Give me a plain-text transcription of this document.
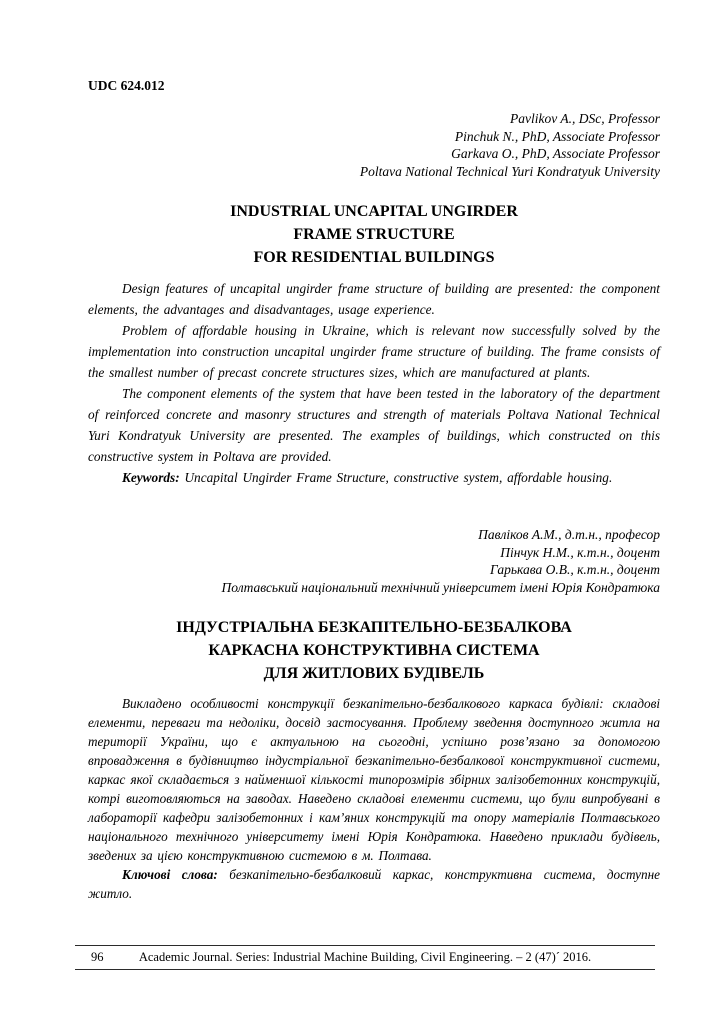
UDC 624.012
Pavlikov A., DSc, Professor
Pinchuk N., PhD, Associate Professor
Garkava O., PhD, Associate Professor
Poltava National Technical Yuri Kondratyuk University
INDUSTRIAL UNCAPITAL UNGIRDER
FRAME STRUCTURE
FOR RESIDENTIAL BUILDINGS

Design features of uncapital ungirder frame structure of building are presented: the component elements, the advantages and disadvantages, usage experience.

Problem of affordable housing in Ukraine, which is relevant now successfully solved by the implementation into construction uncapital ungirder frame structure of building. The frame consists of the smallest number of precast concrete structures sizes, which are manufactured at plants.

The component elements of the system that have been tested in the laboratory of the department of reinforced concrete and masonry structures and strength of materials Poltava National Technical Yuri Kondratyuk University are presented. The examples of buildings, which constructed on this constructive system in Poltava are provided.

Keywords: Uncapital Ungirder Frame Structure, constructive system, affordable housing.

Павліков А.М., д.т.н., професор
Пінчук Н.М., к.т.н., доцент
Гарькава О.В., к.т.н., доцент
Полтавський національний технічний університет імені Юрія Кондратюка
ІНДУСТРІАЛЬНА БЕЗКАПІТЕЛЬНО-БЕЗБАЛКОВА
КАРКАСНА КОНСТРУКТИВНА СИСТЕМА
ДЛЯ ЖИТЛОВИХ БУДІВЕЛЬ

Викладено особливості конструкції безкапітельно-безбалкового каркаса будівлі: складові елементи, переваги та недоліки, досвід застосування. Проблему зведення доступного житла на території України, що є актуальною на сьогодні, успішно розв’язано за допомогою впровадження в будівництво індустріальної безкапітельно-безбалкової конструктивної системи, каркас якої складається з найменшої кількості типорозмірів збірних залізобетонних конструкцій, котрі виготовляються на заводах. Наведено складові елементи системи, що були випробувані в лабораторії кафедри залізобетонних і кам’яних конструкцій та опору матеріалів Полтавського національного технічного університету імені Юрія Кондратюка. Наведено приклади будівель, зведених за цією конструктивною системою в м. Полтава.

Ключові слова: безкапітельно-безбалковий каркас, конструктивна система, доступне житло.

96	Academic Journal. Series: Industrial Machine Building, Civil Engineering. – 2 (47)´ 2016.
